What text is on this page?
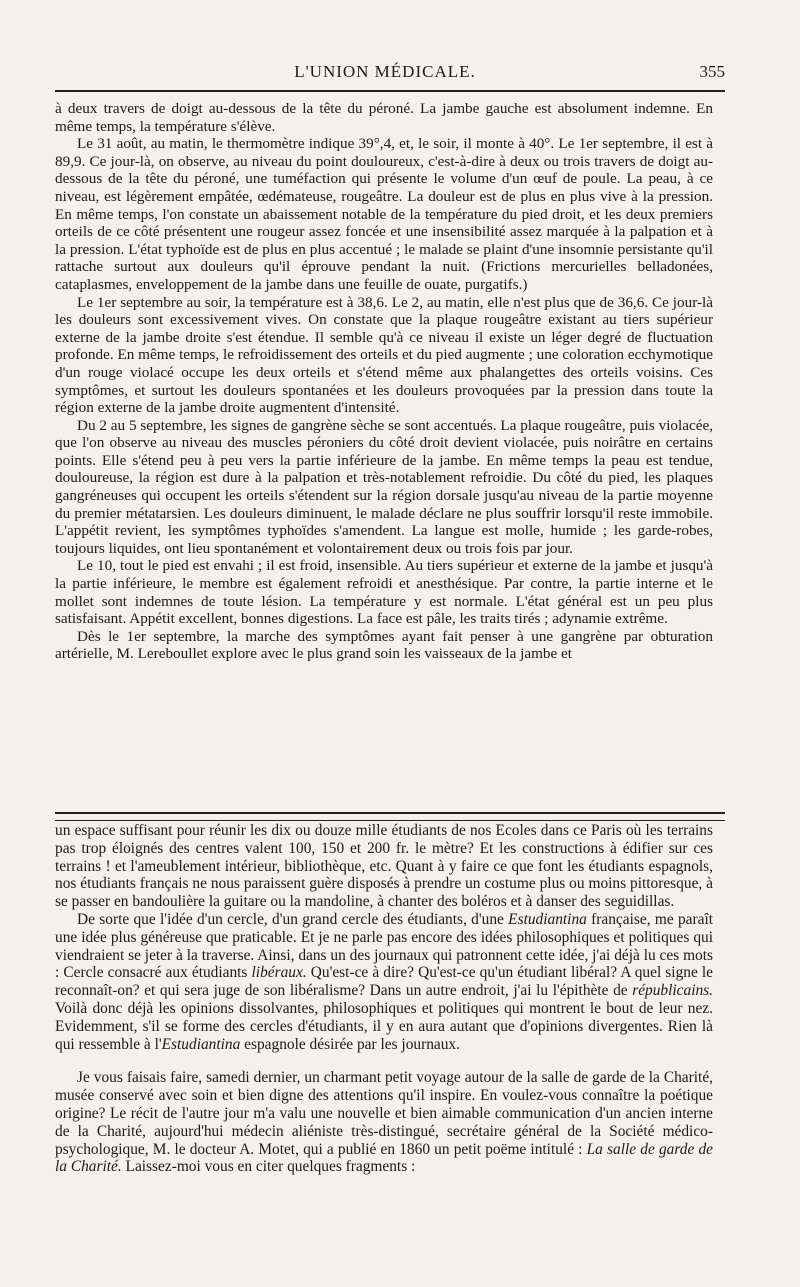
L'UNION MÉDICALE.	355

à deux travers de doigt au-dessous de la tête du péroné. La jambe gauche est absolument indemne. En même temps, la température s'élève.

Le 31 août, au matin, le thermomètre indique 39°,4, et, le soir, il monte à 40°. Le 1er septembre, il est à 89,9. Ce jour-là, on observe, au niveau du point douloureux, c'est-à-dire à deux ou trois travers de doigt au-dessous de la tête du péroné, une tuméfaction qui présente le volume d'un œuf de poule. La peau, à ce niveau, est légèrement empâtée, œdémateuse, rougeâtre. La douleur est de plus en plus vive à la pression. En même temps, l'on constate un abaissement notable de la température du pied droit, et les deux premiers orteils de ce côté présentent une rougeur assez foncée et une insensibilité assez marquée à la palpation et à la pression. L'état typhoïde est de plus en plus accentué ; le malade se plaint d'une insomnie persistante qu'il rattache surtout aux douleurs qu'il éprouve pendant la nuit. (Frictions mercurielles belladonées, cataplasmes, enveloppement de la jambe dans une feuille de ouate, purgatifs.)

Le 1er septembre au soir, la température est à 38,6. Le 2, au matin, elle n'est plus que de 36,6. Ce jour-là les douleurs sont excessivement vives. On constate que la plaque rougeâtre existant au tiers supérieur externe de la jambe droite s'est étendue. Il semble qu'à ce niveau il existe un léger degré de fluctuation profonde. En même temps, le refroidissement des orteils et du pied augmente ; une coloration ecchymotique d'un rouge violacé occupe les deux orteils et s'étend même aux phalangettes des orteils voisins. Ces symptômes, et surtout les douleurs spontanées et les douleurs provoquées par la pression dans toute la région externe de la jambe droite augmentent d'intensité.

Du 2 au 5 septembre, les signes de gangrène sèche se sont accentués. La plaque rougeâtre, puis violacée, que l'on observe au niveau des muscles péroniers du côté droit devient violacée, puis noirâtre en certains points. Elle s'étend peu à peu vers la partie inférieure de la jambe. En même temps la peau est tendue, douloureuse, la région est dure à la palpation et très-notablement refroidie. Du côté du pied, les plaques gangréneuses qui occupent les orteils s'étendent sur la région dorsale jusqu'au niveau de la partie moyenne du premier métatarsien. Les douleurs diminuent, le malade déclare ne plus souffrir lorsqu'il reste immobile. L'appétit revient, les symptômes typhoïdes s'amendent. La langue est molle, humide ; les garde-robes, toujours liquides, ont lieu spontanément et volontairement deux ou trois fois par jour.

Le 10, tout le pied est envahi ; il est froid, insensible. Au tiers supérieur et externe de la jambe et jusqu'à la partie inférieure, le membre est également refroidi et anesthésique. Par contre, la partie interne et le mollet sont indemnes de toute lésion. La température y est normale. L'état général est un peu plus satisfaisant. Appétit excellent, bonnes digestions. La face est pâle, les traits tirés ; adynamie extrême.

Dès le 1er septembre, la marche des symptômes ayant fait penser à une gangrène par obturation artérielle, M. Lereboullet explore avec le plus grand soin les vaisseaux de la jambe et

un espace suffisant pour réunir les dix ou douze mille étudiants de nos Ecoles dans ce Paris où les terrains pas trop éloignés des centres valent 100, 150 et 200 fr. le mètre? Et les constructions à édifier sur ces terrains ! et l'ameublement intérieur, bibliothèque, etc. Quant à y faire ce que font les étudiants espagnols, nos étudiants français ne nous paraissent guère disposés à prendre un costume plus ou moins pittoresque, à se passer en bandoulière la guitare ou la mandoline, à chanter des boléros et à danser des seguidillas.

De sorte que l'idée d'un cercle, d'un grand cercle des étudiants, d'une Estudiantina française, me paraît une idée plus généreuse que praticable. Et je ne parle pas encore des idées philosophiques et politiques qui viendraient se jeter à la traverse. Ainsi, dans un des journaux qui patronnent cette idée, j'ai déjà lu ces mots : Cercle consacré aux étudiants libéraux. Qu'est-ce à dire? Qu'est-ce qu'un étudiant libéral? A quel signe le reconnaît-on? et qui sera juge de son libéralisme? Dans un autre endroit, j'ai lu l'épithète de républicains. Voilà donc déjà les opinions dissolvantes, philosophiques et politiques qui montrent le bout de leur nez. Evidemment, s'il se forme des cercles d'étudiants, il y en aura autant que d'opinions divergentes. Rien là qui ressemble à l'Estudiantina espagnole désirée par les journaux.

Je vous faisais faire, samedi dernier, un charmant petit voyage autour de la salle de garde de la Charité, musée conservé avec soin et bien digne des attentions qu'il inspire. En voulez-vous connaître la poétique origine? Le récit de l'autre jour m'a valu une nouvelle et bien aimable communication d'un ancien interne de la Charité, aujourd'hui médecin aliéniste très-distingué, secrétaire général de la Société médico-psychologique, M. le docteur A. Motet, qui a publié en 1860 un petit poëme intitulé : La salle de garde de la Charité. Laissez-moi vous en citer quelques fragments :
